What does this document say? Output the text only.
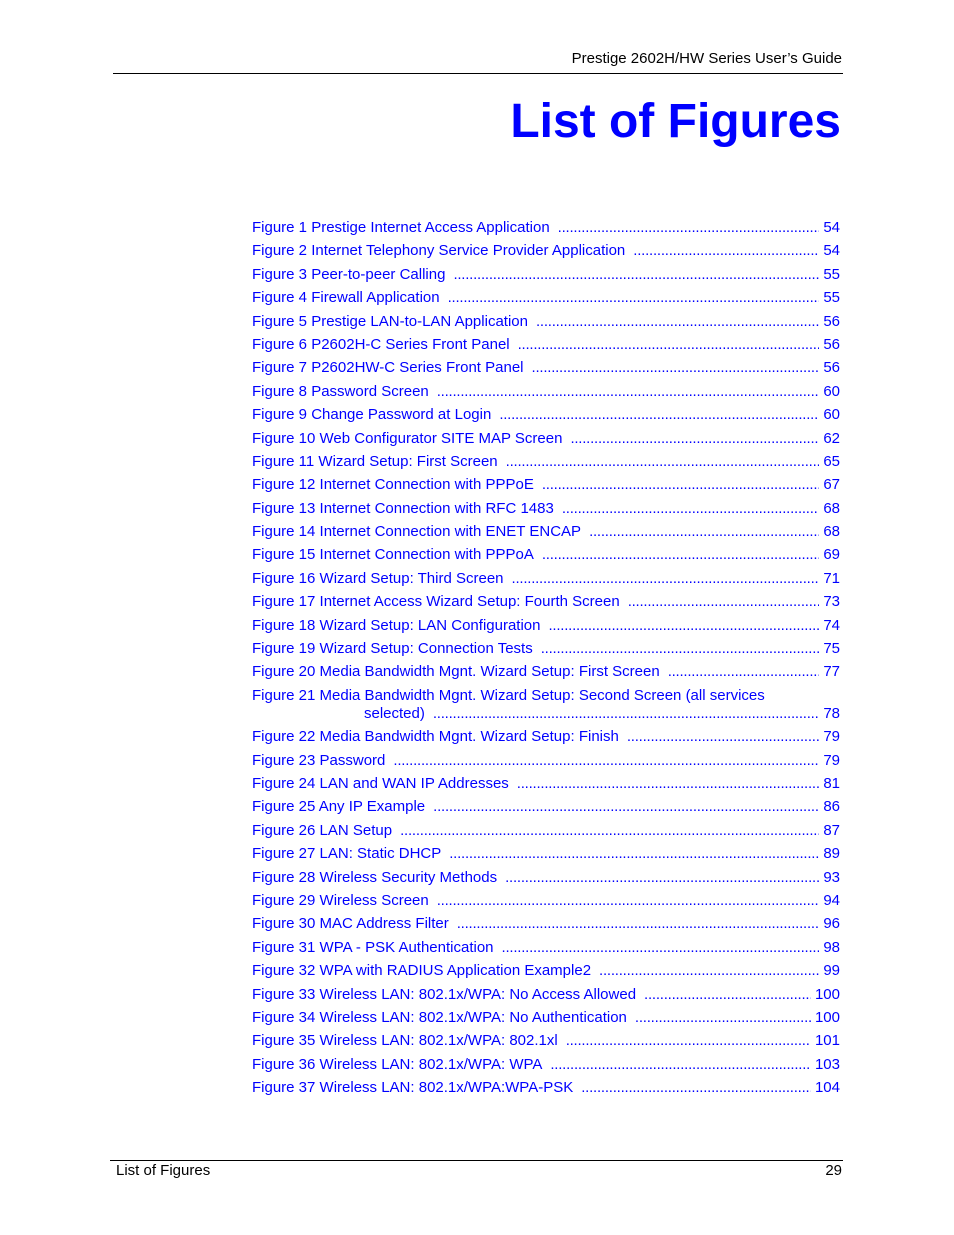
Prestige 2602H/HW Series User’s Guide
List of Figures
Figure 1 Prestige Internet Access Application . . .	54
Figure 2 Internet Telephony Service Provider Application . . .	54
Figure 3 Peer-to-peer Calling . . .	55
Figure 4 Firewall Application . . .	55
Figure 5 Prestige LAN-to-LAN Application . . .	56
Figure 6 P2602H-C Series Front Panel . . .	56
Figure 7 P2602HW-C Series Front Panel . . .	56
Figure 8 Password Screen . . .	60
Figure 9 Change Password at Login . . .	60
Figure 10 Web Configurator SITE MAP Screen . . .	62
Figure 11 Wizard Setup: First Screen . . .	65
Figure 12 Internet Connection with PPPoE . . .	67
Figure 13 Internet Connection with RFC 1483 . . .	68
Figure 14 Internet Connection with ENET ENCAP . . .	68
Figure 15 Internet Connection with PPPoA . . .	69
Figure 16 Wizard Setup: Third Screen . . .	71
Figure 17 Internet Access Wizard Setup: Fourth Screen . . .	73
Figure 18 Wizard Setup: LAN Configuration . . .	74
Figure 19 Wizard Setup: Connection Tests . . .	75
Figure 20 Media Bandwidth Mgnt. Wizard Setup: First Screen . . .	77
Figure 21 Media Bandwidth Mgnt. Wizard Setup: Second Screen (all services
selected) . . .	78
Figure 22 Media Bandwidth Mgnt. Wizard Setup: Finish . . .	79
Figure 23 Password . . .	79
Figure 24 LAN and WAN IP Addresses . . .	81
Figure 25 Any IP Example . . .	86
Figure 26 LAN Setup . . .	87
Figure 27 LAN: Static DHCP . . .	89
Figure 28 Wireless Security Methods . . .	93
Figure 29 Wireless Screen . . .	94
Figure 30 MAC Address Filter . . .	96
Figure 31 WPA - PSK Authentication . . .	98
Figure 32 WPA with RADIUS Application Example2 . . .	99
Figure 33 Wireless LAN: 802.1x/WPA: No Access Allowed . . .	100
Figure 34 Wireless LAN: 802.1x/WPA: No Authentication . . .	100
Figure 35 Wireless LAN: 802.1x/WPA: 802.1xl . . .	101
Figure 36 Wireless LAN: 802.1x/WPA: WPA . . .	103
Figure 37 Wireless LAN: 802.1x/WPA:WPA-PSK . . .	104
List of Figures	29
